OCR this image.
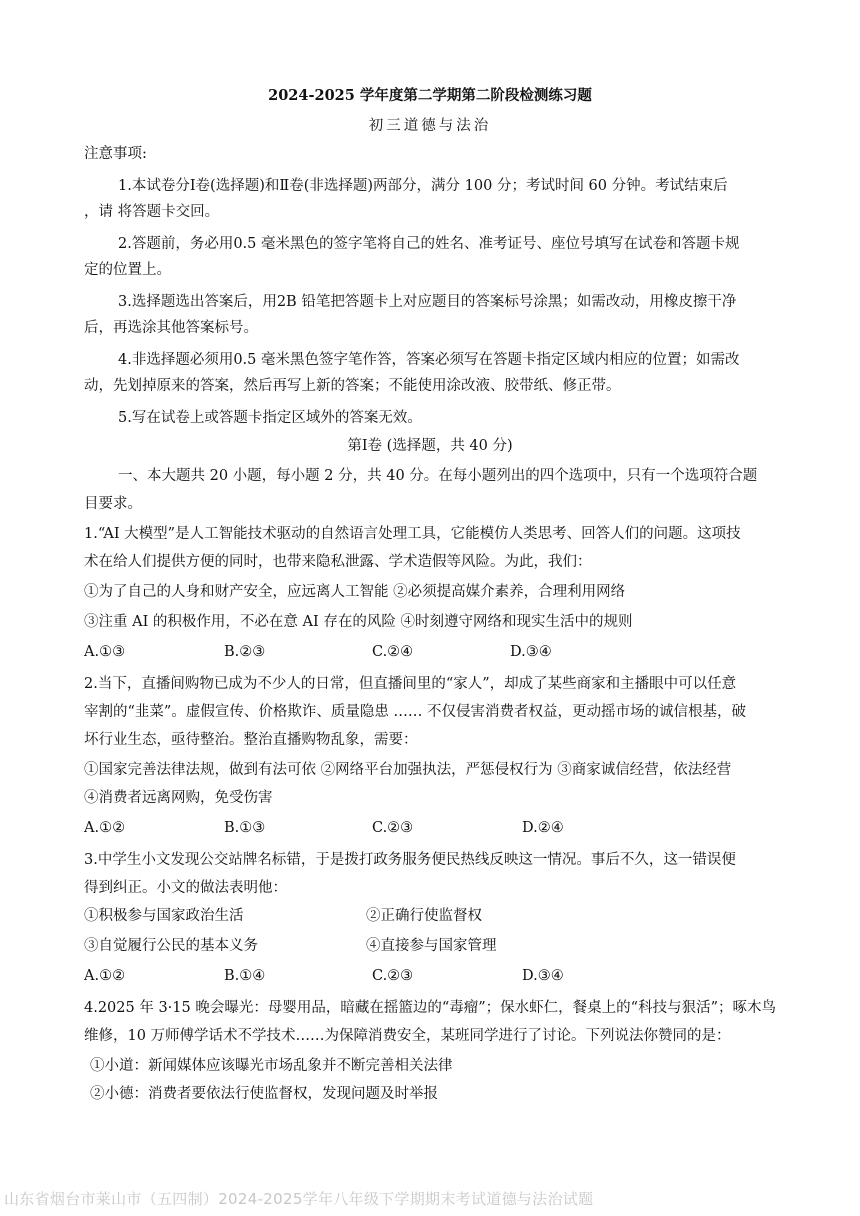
2024-2025 学年度第二学期第二阶段检测练习题
初三道德与法治
注意事项:
1.本试卷分Ⅰ卷(选择题)和Ⅱ卷(非选择题)两部分，满分 100 分；考试时间 60 分钟。考试结束后
，请 将答题卡交回。
2.答题前，务必用0.5 毫米黑色的签字笔将自己的姓名、准考证号、座位号填写在试卷和答题卡规
定的位置上。
3.选择题选出答案后，用2B 铅笔把答题卡上对应题目的答案标号涂黑；如需改动，用橡皮擦干净
后，再选涂其他答案标号。
4.非选择题必须用0.5 毫米黑色签字笔作答，答案必须写在答题卡指定区域内相应的位置；如需改
动，先划掉原来的答案，然后再写上新的答案；不能使用涂改液、胶带纸、修正带。
5.写在试卷上或答题卡指定区域外的答案无效。
第Ⅰ卷 (选择题，共 40 分)
一、本大题共 20 小题，每小题 2 分，共 40 分。在每小题列出的四个选项中，只有一个选项符合题
目要求。
1.“AI 大模型”是人工智能技术驱动的自然语言处理工具，它能模仿人类思考、回答人们的问题。这项技
术在给人们提供方便的同时，也带来隐私泄露、学术造假等风险。为此，我们：
①为了自己的人身和财产安全，应远离人工智能 ②必须提高媒介素养，合理利用网络
③注重 AI 的积极作用，不必在意 AI 存在的风险 ④时刻遵守网络和现实生活中的规则
A.①③	B.②③	C.②④	D.③④
2.当下，直播间购物已成为不少人的日常，但直播间里的“家人”，却成了某些商家和主播眼中可以任意
宰割的“韭菜”。虚假宣传、价格欺诈、质量隐患 …… 不仅侵害消费者权益，更动摇市场的诚信根基，破
坏行业生态，亟待整治。整治直播购物乱象，需要：
①国家完善法律法规，做到有法可依 ②网络平台加强执法，严惩侵权行为 ③商家诚信经营，依法经营
④消费者远离网购，免受伤害
A.①②	B.①③	C.②③	D.②④
3.中学生小文发现公交站牌名标错，于是拨打政务服务便民热线反映这一情况。事后不久，这一错误便
得到纠正。小文的做法表明他：
①积极参与国家政治生活	②正确行使监督权
③自觉履行公民的基本义务	④直接参与国家管理
A.①②	B.①④	C.②③	D.③④
4.2025 年 3·15 晚会曝光：母婴用品，暗藏在摇篮边的“毒瘤”；保水虾仁，餐桌上的“科技与狠活”；啄木鸟
维修，10 万师傅学话术不学技术……为保障消费安全，某班同学进行了讨论。下列说法你赞同的是：
①小道：新闻媒体应该曝光市场乱象并不断完善相关法律
②小德：消费者要依法行使监督权，发现问题及时举报
山东省烟台市莱山市（五四制）2024-2025学年八年级下学期期末考试道德与法治试题
